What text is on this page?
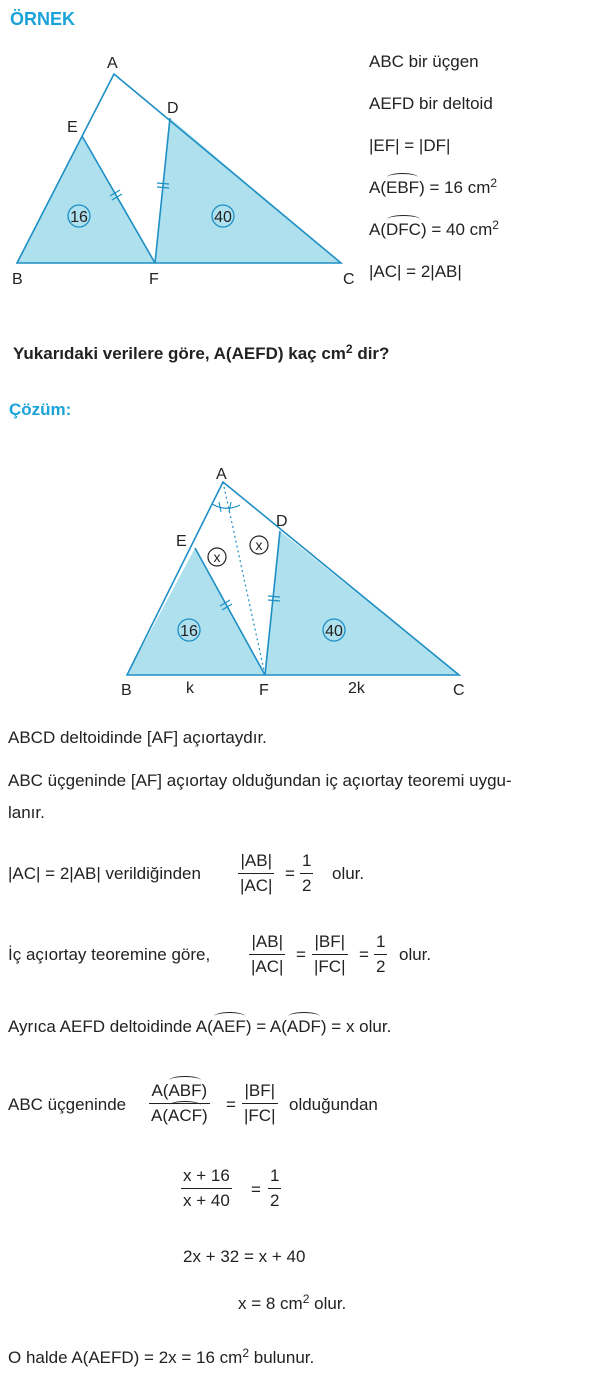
ÖRNEK
16	40
A
D
E
B	F	C
ABC bir üçgen
AEFD bir deltoid
|EF| = |DF|
A(EBF) = 16 $cm^2$
A(DFC) = 40 $cm^2$
|AC| = 2|AB|
Yukarıdaki verilere göre, A(AEFD) kaç $cm^2$ dir?
Çözüm:
x
x
16	40
A
D
E
B	k	F	2k	C
ABCD deltoidinde [AF] açıortaydır.
ABC üçgeninde [AF] açıortay olduğundan iç açıortay teoremi uygu-
lanır.
|AC| = 2|AB| verildiğinden $\frac{|AB|}{|AC|} = \frac{1}{2}$ olur.
İç açıortay teoremine göre, $\frac{|AB|}{|AC|} = \frac{|BF|}{|FC|} = \frac{1}{2}$ olur.
Ayrıca AEFD deltoidinde A(AEF) = A(ADF) = x olur.
ABC üçgeninde
A(ABF)
A(ACF)
= $\frac{|BF|}{|FC|}$ olduğundan
$\frac{x + 16}{x + 40} = \frac{1}{2}$
2x + 32 = x + 40
x = 8 $cm^2$ olur.
O halde A(AEFD) = 2x = 16 $cm^2$ bulunur.
